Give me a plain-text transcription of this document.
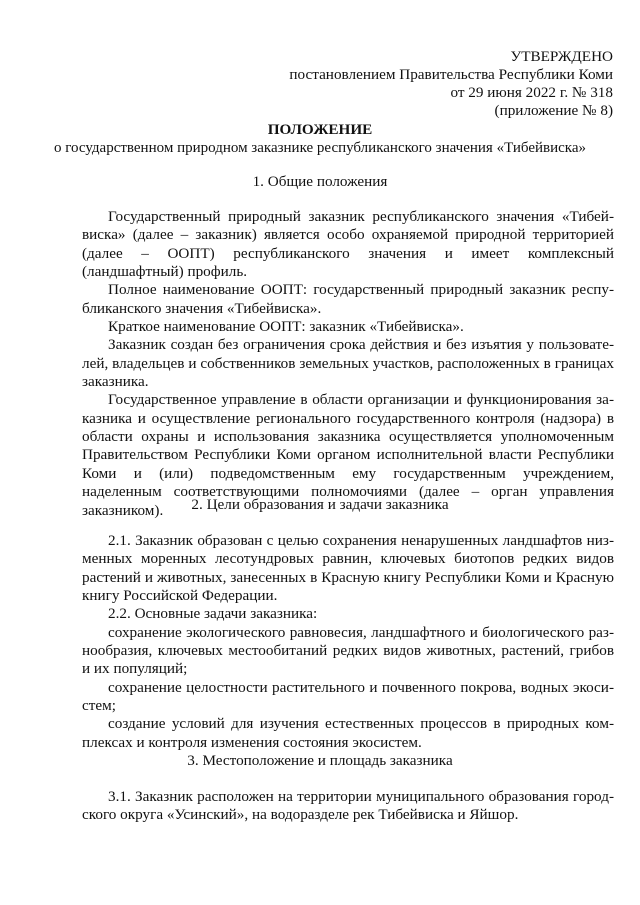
УТВЕРЖДЕНО
постановлением Правительства Республики Коми
от 29 июня 2022 г. № 318
(приложение № 8)
ПОЛОЖЕНИЕ
о государственном природном заказнике республиканского значения «Тибейвиска»
1. Общие положения

Государственный природный заказник республиканского значения «Тибейвиска» (далее – заказник) является особо охраняемой природной территорией (далее – ООПТ) республиканского значения и имеет комплексный (ландшафтный) профиль.

Полное наименование ООПТ: государственный природный заказник республиканского значения «Тибейвиска».

Краткое наименование ООПТ: заказник «Тибейвиска».

Заказник создан без ограничения срока действия и без изъятия у пользователей, владельцев и собственников земельных участков, расположенных в границах заказника.

Государственное управление в области организации и функционирования заказника и осуществление регионального государственного контроля (надзора) в области охраны и использования заказника осуществляется уполномоченным Правительством Республики Коми органом исполнительной власти Республики Коми и (или) подведомственным ему государственным учреждением, наделенным соответствующими полномочиями (далее – орган управления заказником).	2. Цели образования и задачи заказника

2.1. Заказник образован с целью сохранения ненарушенных ландшафтов низменных моренных лесотундровых равнин, ключевых биотопов редких видов растений и животных, занесенных в Красную книгу Республики Коми и Красную книгу Российской Федерации.

2.2. Основные задачи заказника:

сохранение экологического равновесия, ландшафтного и биологического разнообразия, ключевых местообитаний редких видов животных, растений, грибов и их популяций;

сохранение целостности растительного и почвенного покрова, водных экосистем;

создание условий для изучения естественных процессов в природных комплексах и контроля изменения состояния экосистем.

3. Местоположение и площадь заказника

3.1. Заказник расположен на территории муниципального образования городского округа «Усинский», на водоразделе рек Тибейвиска и Яйшор.
